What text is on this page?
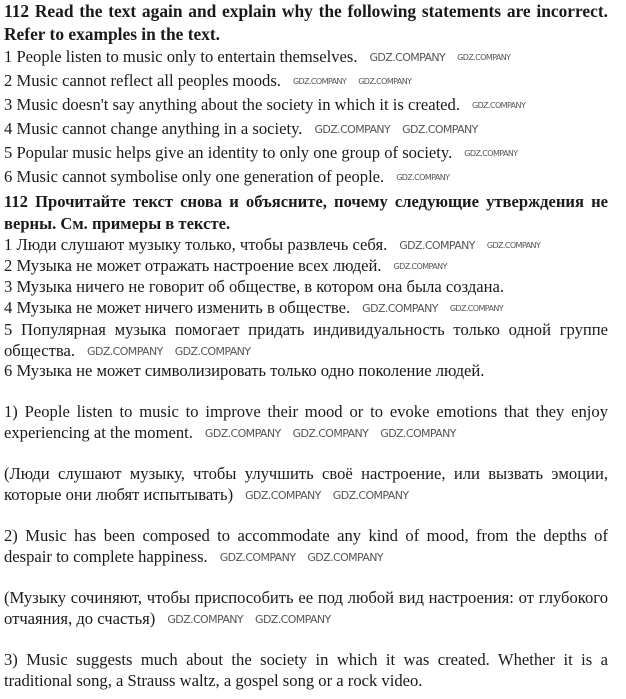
112 Read the text again and explain why the following statements are incorrect. Refer to examples in the text.
1 People listen to music only to entertain themselves. GDZ.COMPANY GDZ.COMPANY
2 Music cannot reflect all peoples moods. GDZ.COMPANY GDZ.COMPANY
3 Music doesn't say anything about the society in which it is created. GDZ.COMPANY
4 Music cannot change anything in a society. GDZ.COMPANY GDZ.COMPANY
5 Popular music helps give an identity to only one group of society. GDZ.COMPANY
6 Music cannot symbolise only one generation of people. GDZ.COMPANY
112 Прочитайте текст снова и объясните, почему следующие утверждения не верны. См. примеры в тексте.
1 Люди слушают музыку только, чтобы развлечь себя. GDZ.COMPANY GDZ.COMPANY
2 Музыка не может отражать настроение всех людей. GDZ.COMPANY
3 Музыка ничего не говорит об обществе, в котором она была создана.
4 Музыка не может ничего изменить в обществе. GDZ.COMPANY GDZ.COMPANY
5 Популярная музыка помогает придать индивидуальность только одной группе общества. GDZ.COMPANY GDZ.COMPANY
6 Музыка не может символизировать только одно поколение людей.
1) People listen to music to improve their mood or to evoke emotions that they enjoy experiencing at the moment. GDZ.COMPANY GDZ.COMPANY GDZ.COMPANY
(Люди слушают музыку, чтобы улучшить своё настроение, или вызвать эмоции, которые они любят испытывать) GDZ.COMPANY GDZ.COMPANY
2) Music has been composed to accommodate any kind of mood, from the depths of despair to complete happiness. GDZ.COMPANY GDZ.COMPANY
(Музыку сочиняют, чтобы приспособить ее под любой вид настроения: от глубокого отчаяния, до счастья) GDZ.COMPANY GDZ.COMPANY
3) Music suggests much about the society in which it was created. Whether it is a traditional song, a Strauss waltz, a gospel song or a rock video.
